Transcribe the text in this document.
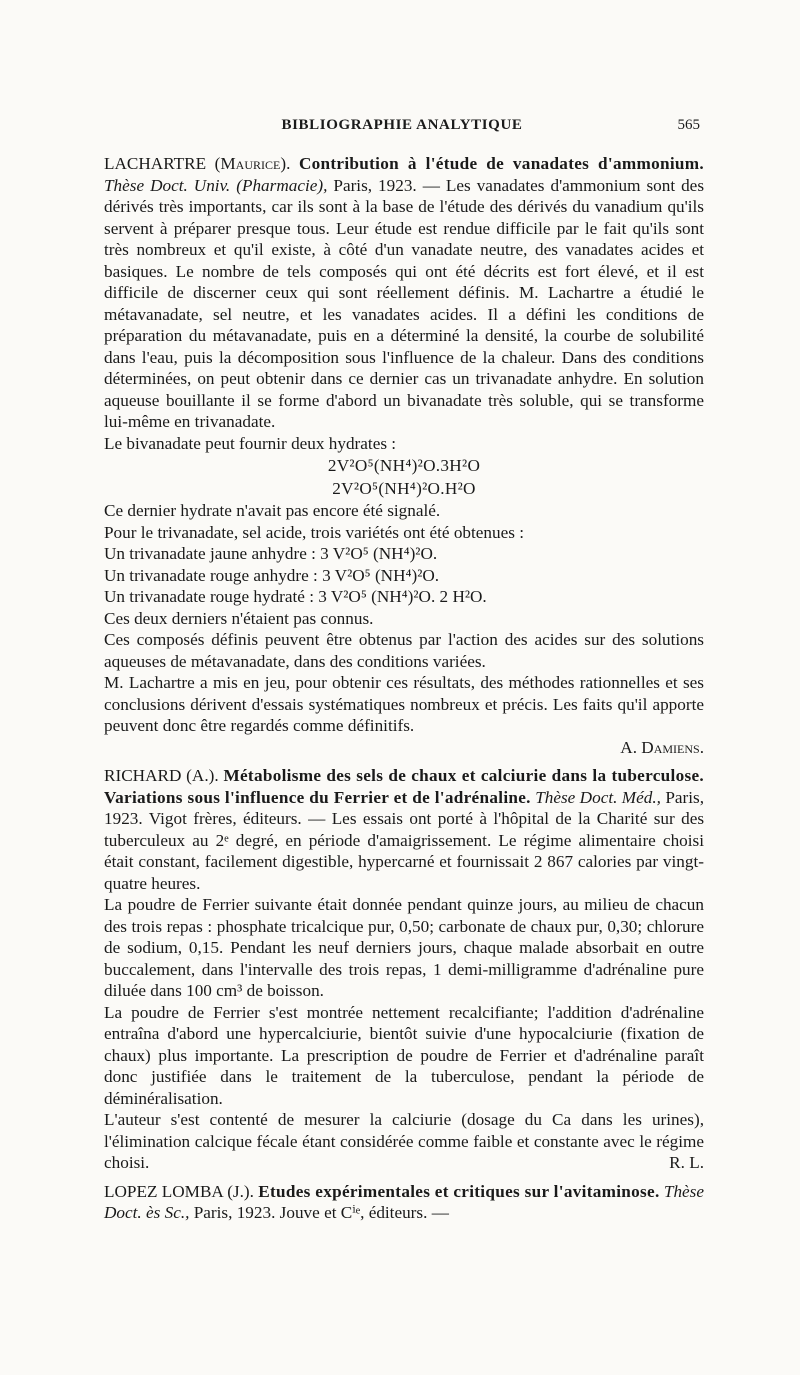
BIBLIOGRAPHIE ANALYTIQUE	565

LACHARTRE (Maurice). Contribution à l'étude de vanadates d'ammonium. Thèse Doct. Univ. (Pharmacie), Paris, 1923. — Les vanadates d'ammonium sont des dérivés très importants, car ils sont à la base de l'étude des dérivés du vanadium qu'ils servent à préparer presque tous. Leur étude est rendue difficile par le fait qu'ils sont très nombreux et qu'il existe, à côté d'un vanadate neutre, des vanadates acides et basiques. Le nombre de tels composés qui ont été décrits est fort élevé, et il est difficile de discerner ceux qui sont réellement définis. M. Lachartre a étudié le métavanadate, sel neutre, et les vanadates acides. Il a défini les conditions de préparation du métavanadate, puis en a déterminé la densité, la courbe de solubilité dans l'eau, puis la décomposition sous l'influence de la chaleur. Dans des conditions déterminées, on peut obtenir dans ce dernier cas un trivanadate anhydre. En solution aqueuse bouillante il se forme d'abord un bivanadate très soluble, qui se transforme lui-même en trivanadate.

Le bivanadate peut fournir deux hydrates :

2V²O⁵(NH⁴)²O.3H²O
2V²O⁵(NH⁴)²O.H²O

Ce dernier hydrate n'avait pas encore été signalé.

Pour le trivanadate, sel acide, trois variétés ont été obtenues :

Un trivanadate jaune anhydre : 3 V²O⁵ (NH⁴)²O.

Un trivanadate rouge anhydre : 3 V²O⁵ (NH⁴)²O.

Un trivanadate rouge hydraté : 3 V²O⁵ (NH⁴)²O. 2 H²O.

Ces deux derniers n'étaient pas connus.

Ces composés définis peuvent être obtenus par l'action des acides sur des solutions aqueuses de métavanadate, dans des conditions variées.

M. Lachartre a mis en jeu, pour obtenir ces résultats, des méthodes rationnelles et ses conclusions dérivent d'essais systématiques nombreux et précis. Les faits qu'il apporte peuvent donc être regardés comme définitifs.

A. Damiens.

RICHARD (A.). Métabolisme des sels de chaux et calciurie dans la tuberculose. Variations sous l'influence du Ferrier et de l'adrénaline. Thèse Doct. Méd., Paris, 1923. Vigot frères, éditeurs. — Les essais ont porté à l'hôpital de la Charité sur des tuberculeux au 2ᵉ degré, en période d'amaigrissement. Le régime alimentaire choisi était constant, facilement digestible, hypercarné et fournissait 2 867 calories par vingt-quatre heures.

La poudre de Ferrier suivante était donnée pendant quinze jours, au milieu de chacun des trois repas : phosphate tricalcique pur, 0,50; carbonate de chaux pur, 0,30; chlorure de sodium, 0,15. Pendant les neuf derniers jours, chaque malade absorbait en outre buccalement, dans l'intervalle des trois repas, 1 demi-milligramme d'adrénaline pure diluée dans 100 cm³ de boisson.

La poudre de Ferrier s'est montrée nettement recalcifiante; l'addition d'adrénaline entraîna d'abord une hypercalciurie, bientôt suivie d'une hypocalciurie (fixation de chaux) plus importante. La prescription de poudre de Ferrier et d'adrénaline paraît donc justifiée dans le traitement de la tuberculose, pendant la période de déminéralisation.

L'auteur s'est contenté de mesurer la calciurie (dosage du Ca dans les urines), l'élimination calcique fécale étant considérée comme faible et constante avec le régime choisi.	R. L.

LOPEZ LOMBA (J.). Etudes expérimentales et critiques sur l'avitaminose. Thèse Doct. ès Sc., Paris, 1923. Jouve et Cⁱᵉ, éditeurs. —
